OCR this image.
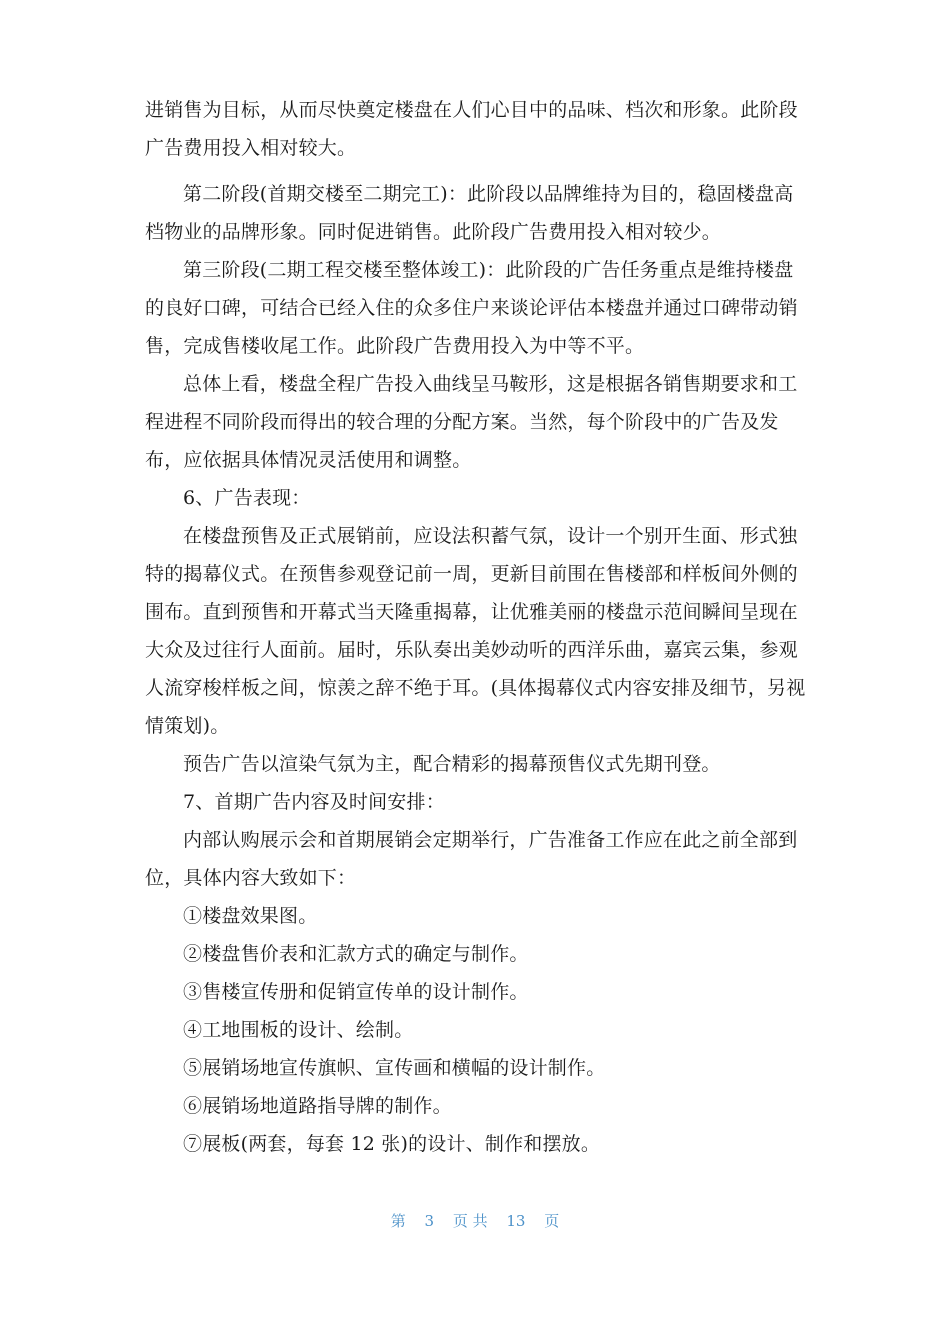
进销售为目标，从而尽快奠定楼盘在人们心目中的品味、档次和形象。此阶段
广告费用投入相对较大。
第二阶段(首期交楼至二期完工)：此阶段以品牌维持为目的，稳固楼盘高
档物业的品牌形象。同时促进销售。此阶段广告费用投入相对较少。
第三阶段(二期工程交楼至整体竣工)：此阶段的广告任务重点是维持楼盘
的良好口碑，可结合已经入住的众多住户来谈论评估本楼盘并通过口碑带动销
售，完成售楼收尾工作。此阶段广告费用投入为中等不平。
总体上看，楼盘全程广告投入曲线呈马鞍形，这是根据各销售期要求和工
程进程不同阶段而得出的较合理的分配方案。当然，每个阶段中的广告及发
布，应依据具体情况灵活使用和调整。
6、广告表现：
在楼盘预售及正式展销前，应设法积蓄气氛，设计一个别开生面、形式独
特的揭幕仪式。在预售参观登记前一周，更新目前围在售楼部和样板间外侧的
围布。直到预售和开幕式当天隆重揭幕，让优雅美丽的楼盘示范间瞬间呈现在
大众及过往行人面前。届时，乐队奏出美妙动听的西洋乐曲，嘉宾云集，参观
人流穿梭样板之间，惊羡之辞不绝于耳。(具体揭幕仪式内容安排及细节，另视
情策划)。
预告广告以渲染气氛为主，配合精彩的揭幕预售仪式先期刊登。
7、首期广告内容及时间安排：
内部认购展示会和首期展销会定期举行，广告准备工作应在此之前全部到
位，具体内容大致如下：
①楼盘效果图。
②楼盘售价表和汇款方式的确定与制作。
③售楼宣传册和促销宣传单的设计制作。
④工地围板的设计、绘制。
⑤展销场地宣传旗帜、宣传画和横幅的设计制作。
⑥展销场地道路指导牌的制作。
⑦展板(两套，每套 12 张)的设计、制作和摆放。
第 3 页 共 13 页
